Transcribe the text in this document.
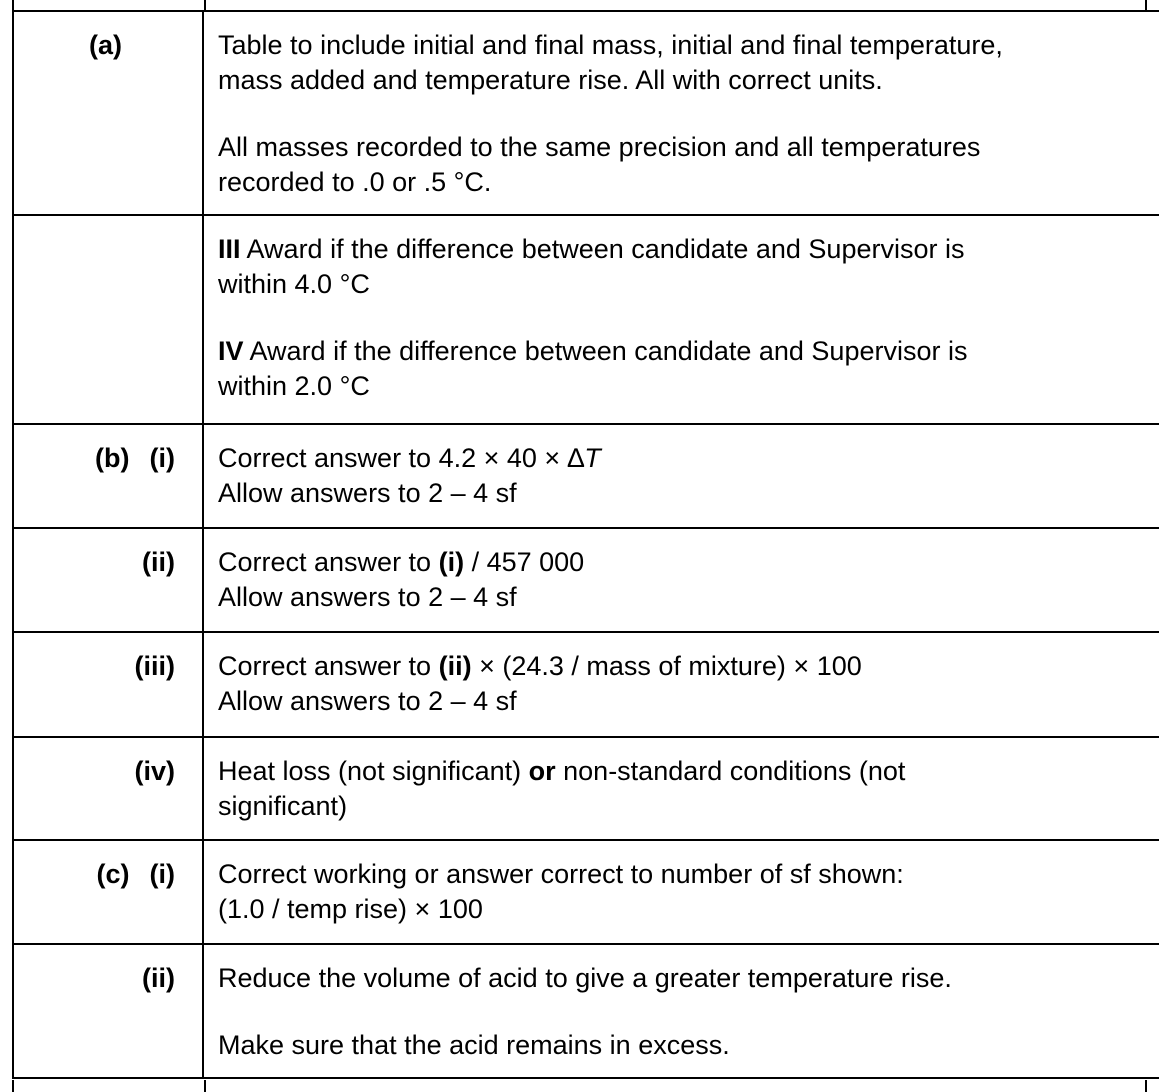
(a)	Table to include initial and final mass, initial and final temperature,
mass added and temperature rise. All with correct units.

All masses recorded to the same precision and all temperatures
recorded to .0 or .5 °C.

	III Award if the difference between candidate and Supervisor is
within 4.0 °C

IV Award if the difference between candidate and Supervisor is
within 2.0 °C

(b) (i)	Correct answer to 4.2 × 40 × ∆T
Allow answers to 2 – 4 sf
(ii)	Correct answer to (i) / 457 000
Allow answers to 2 – 4 sf
(iii)	Correct answer to (ii) × (24.3 / mass of mixture) × 100
Allow answers to 2 – 4 sf
(iv)	Heat loss (not significant) or non-standard conditions (not
significant)
(c) (i)	Correct working or answer correct to number of sf shown:
(1.0 / temp rise) × 100
(ii)	Reduce the volume of acid to give a greater temperature rise.

Make sure that the acid remains in excess.
